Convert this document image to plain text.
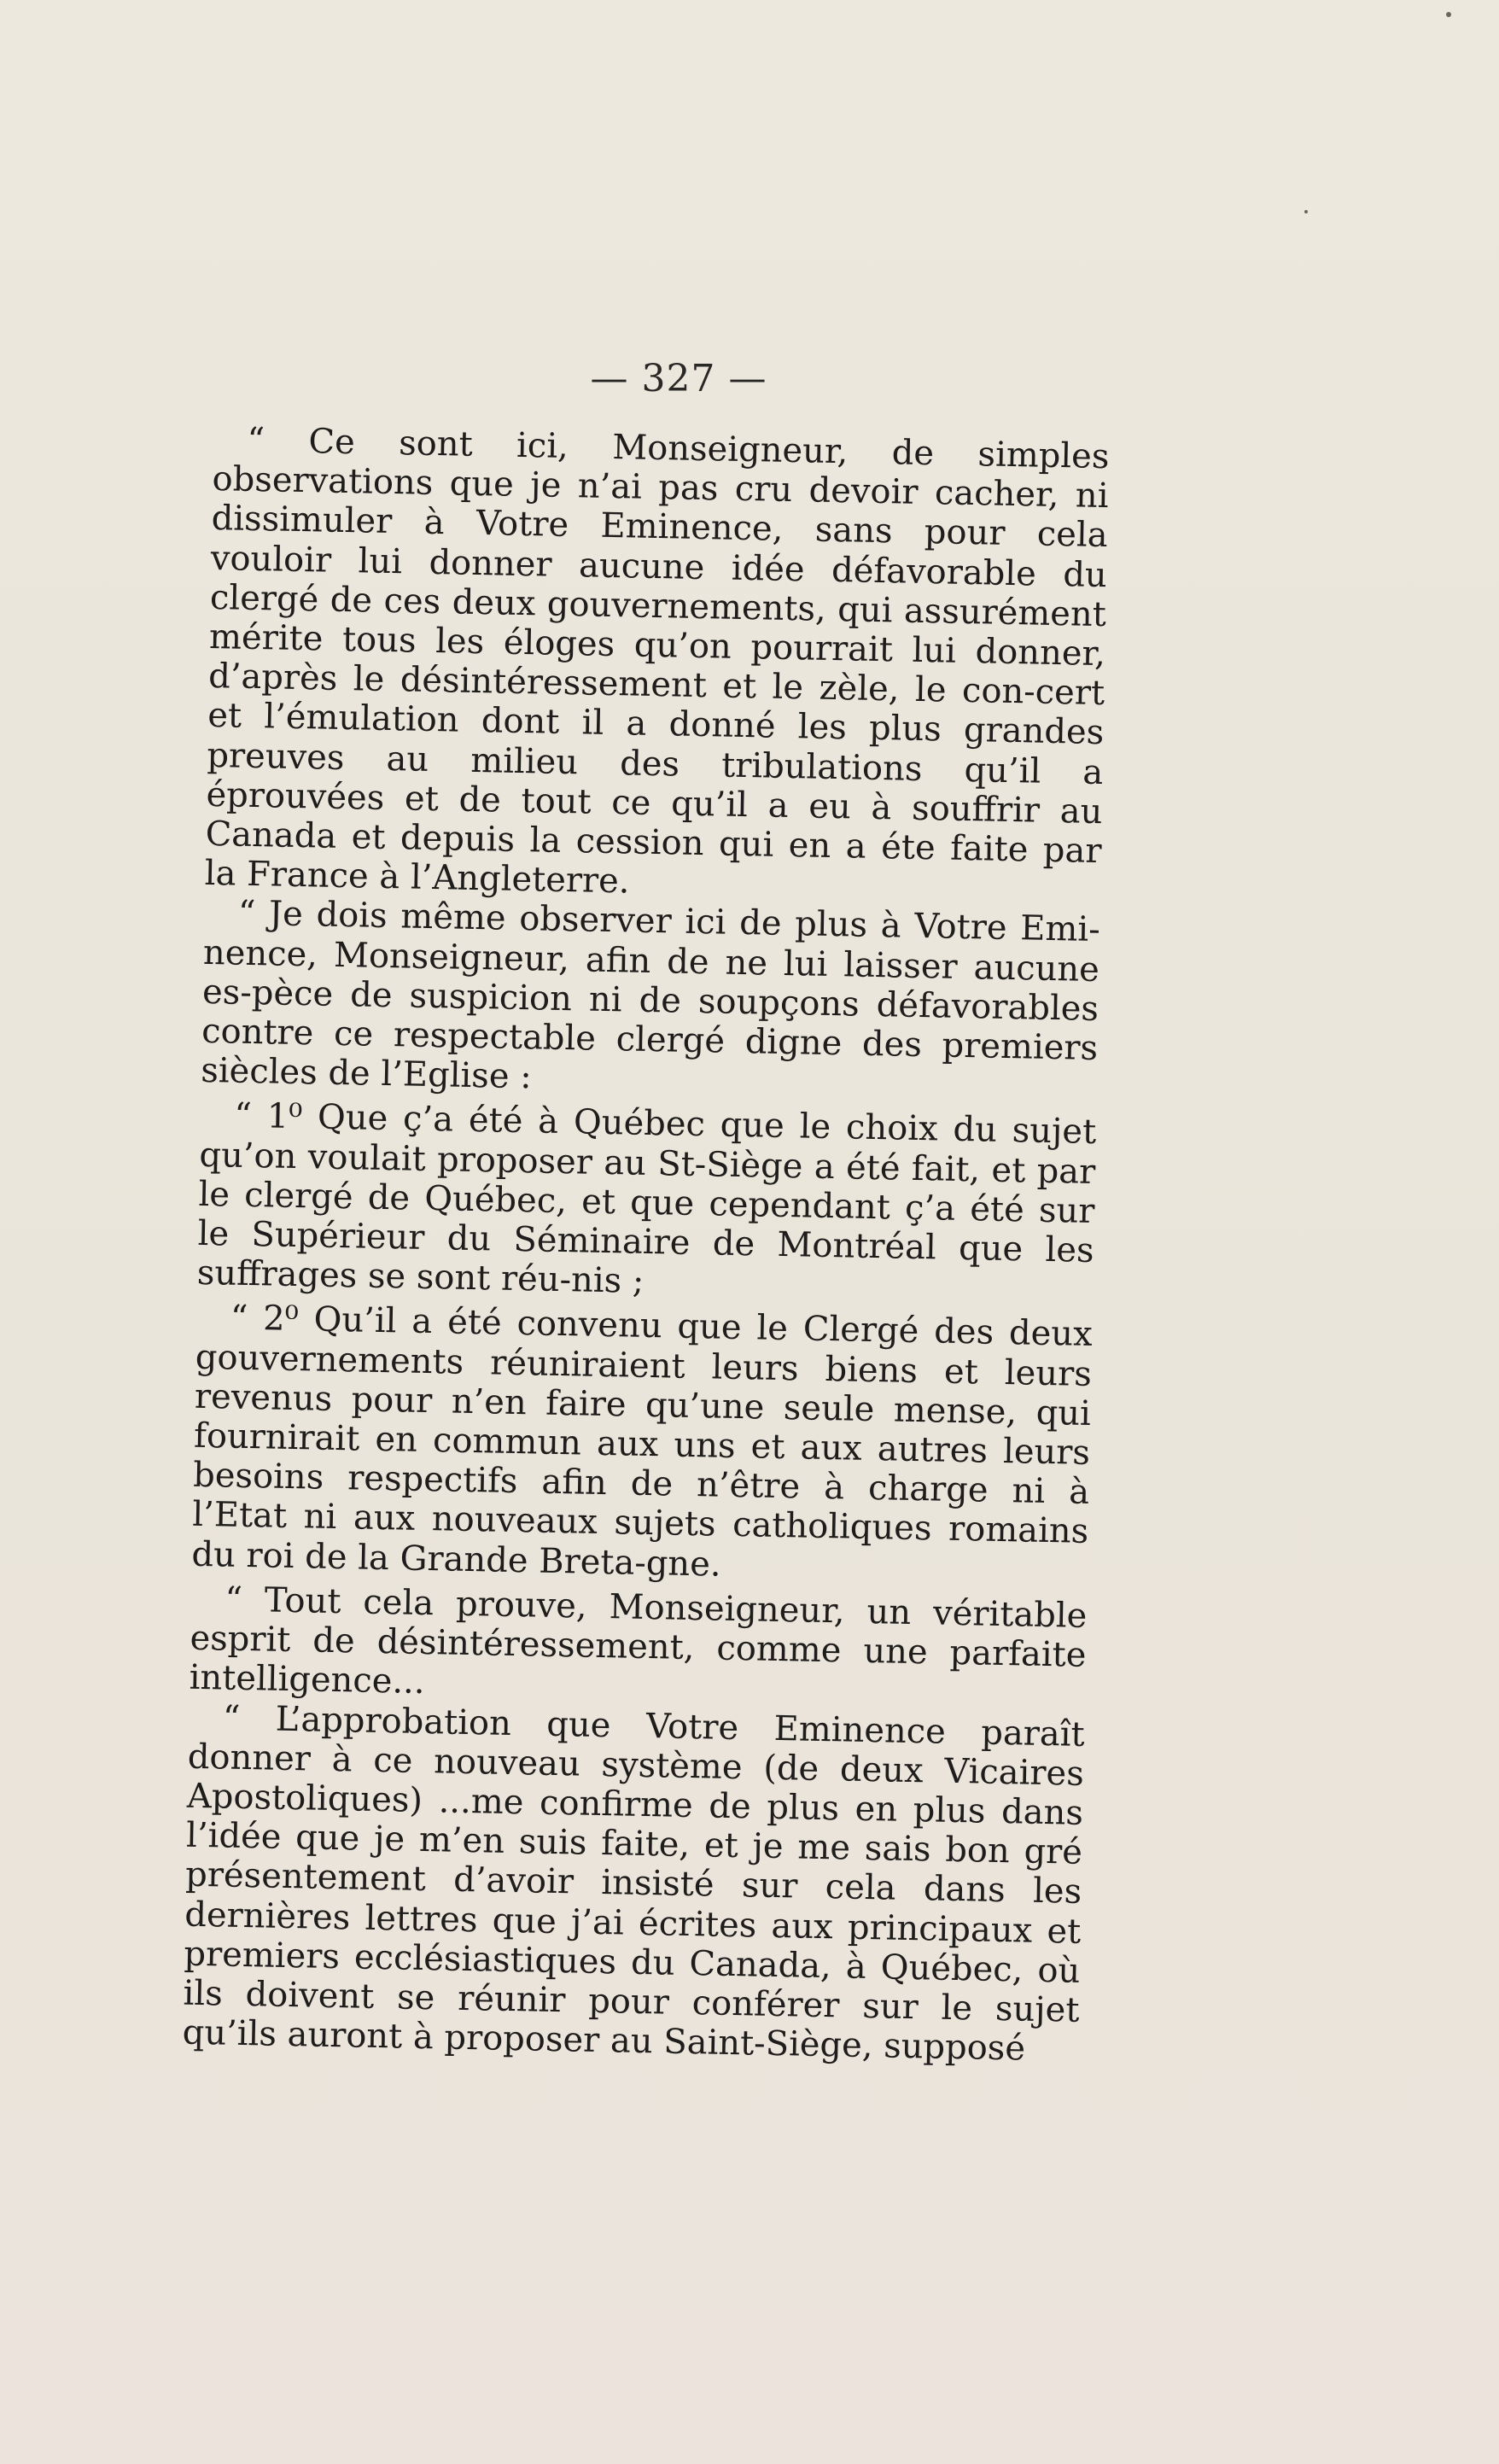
— 327 —

“ Ce sont ici, Monseigneur, de simples observations que je n’ai pas cru devoir cacher, ni dissimuler à Votre Eminence, sans pour cela vouloir lui donner aucune idée défavorable du clergé de ces deux gouvernements, qui assurément mérite tous les éloges qu’on pourrait lui donner, d’après le désintéressement et le zèle, le con-cert et l’émulation dont il a donné les plus grandes preuves au milieu des tribulations qu’il a éprouvées et de tout ce qu’il a eu à souffrir au Canada et depuis la cession qui en a éte faite par la France à l’Angleterre.

“ Je dois même observer ici de plus à Votre Emi-nence, Monseigneur, afin de ne lui laisser aucune es-pèce de suspicion ni de soupçons défavorables contre ce respectable clergé digne des premiers siècles de l’Eglise :

“ 1⁰ Que ç’a été à Québec que le choix du sujet qu’on voulait proposer au St-Siège a été fait, et par le clergé de Québec, et que cependant ç’a été sur le Supérieur du Séminaire de Montréal que les suffrages se sont réu-nis ;

“ 2⁰ Qu’il a été convenu que le Clergé des deux gouvernements réuniraient leurs biens et leurs revenus pour n’en faire qu’une seule mense, qui fournirait en commun aux uns et aux autres leurs besoins respectifs afin de n’être à charge ni à l’Etat ni aux nouveaux sujets catholiques romains du roi de la Grande Breta-gne.

“ Tout cela prouve, Monseigneur, un véritable esprit de désintéressement, comme une parfaite intelligence...

“ L’approbation que Votre Eminence paraît donner à ce nouveau système (de deux Vicaires Apostoliques) ...me confirme de plus en plus dans l’idée que je m’en suis faite, et je me sais bon gré présentement d’avoir insisté sur cela dans les dernières lettres que j’ai écrites aux principaux et premiers ecclésiastiques du Canada, à Québec, où ils doivent se réunir pour conférer sur le sujet qu’ils auront à proposer au Saint-Siège, supposé
